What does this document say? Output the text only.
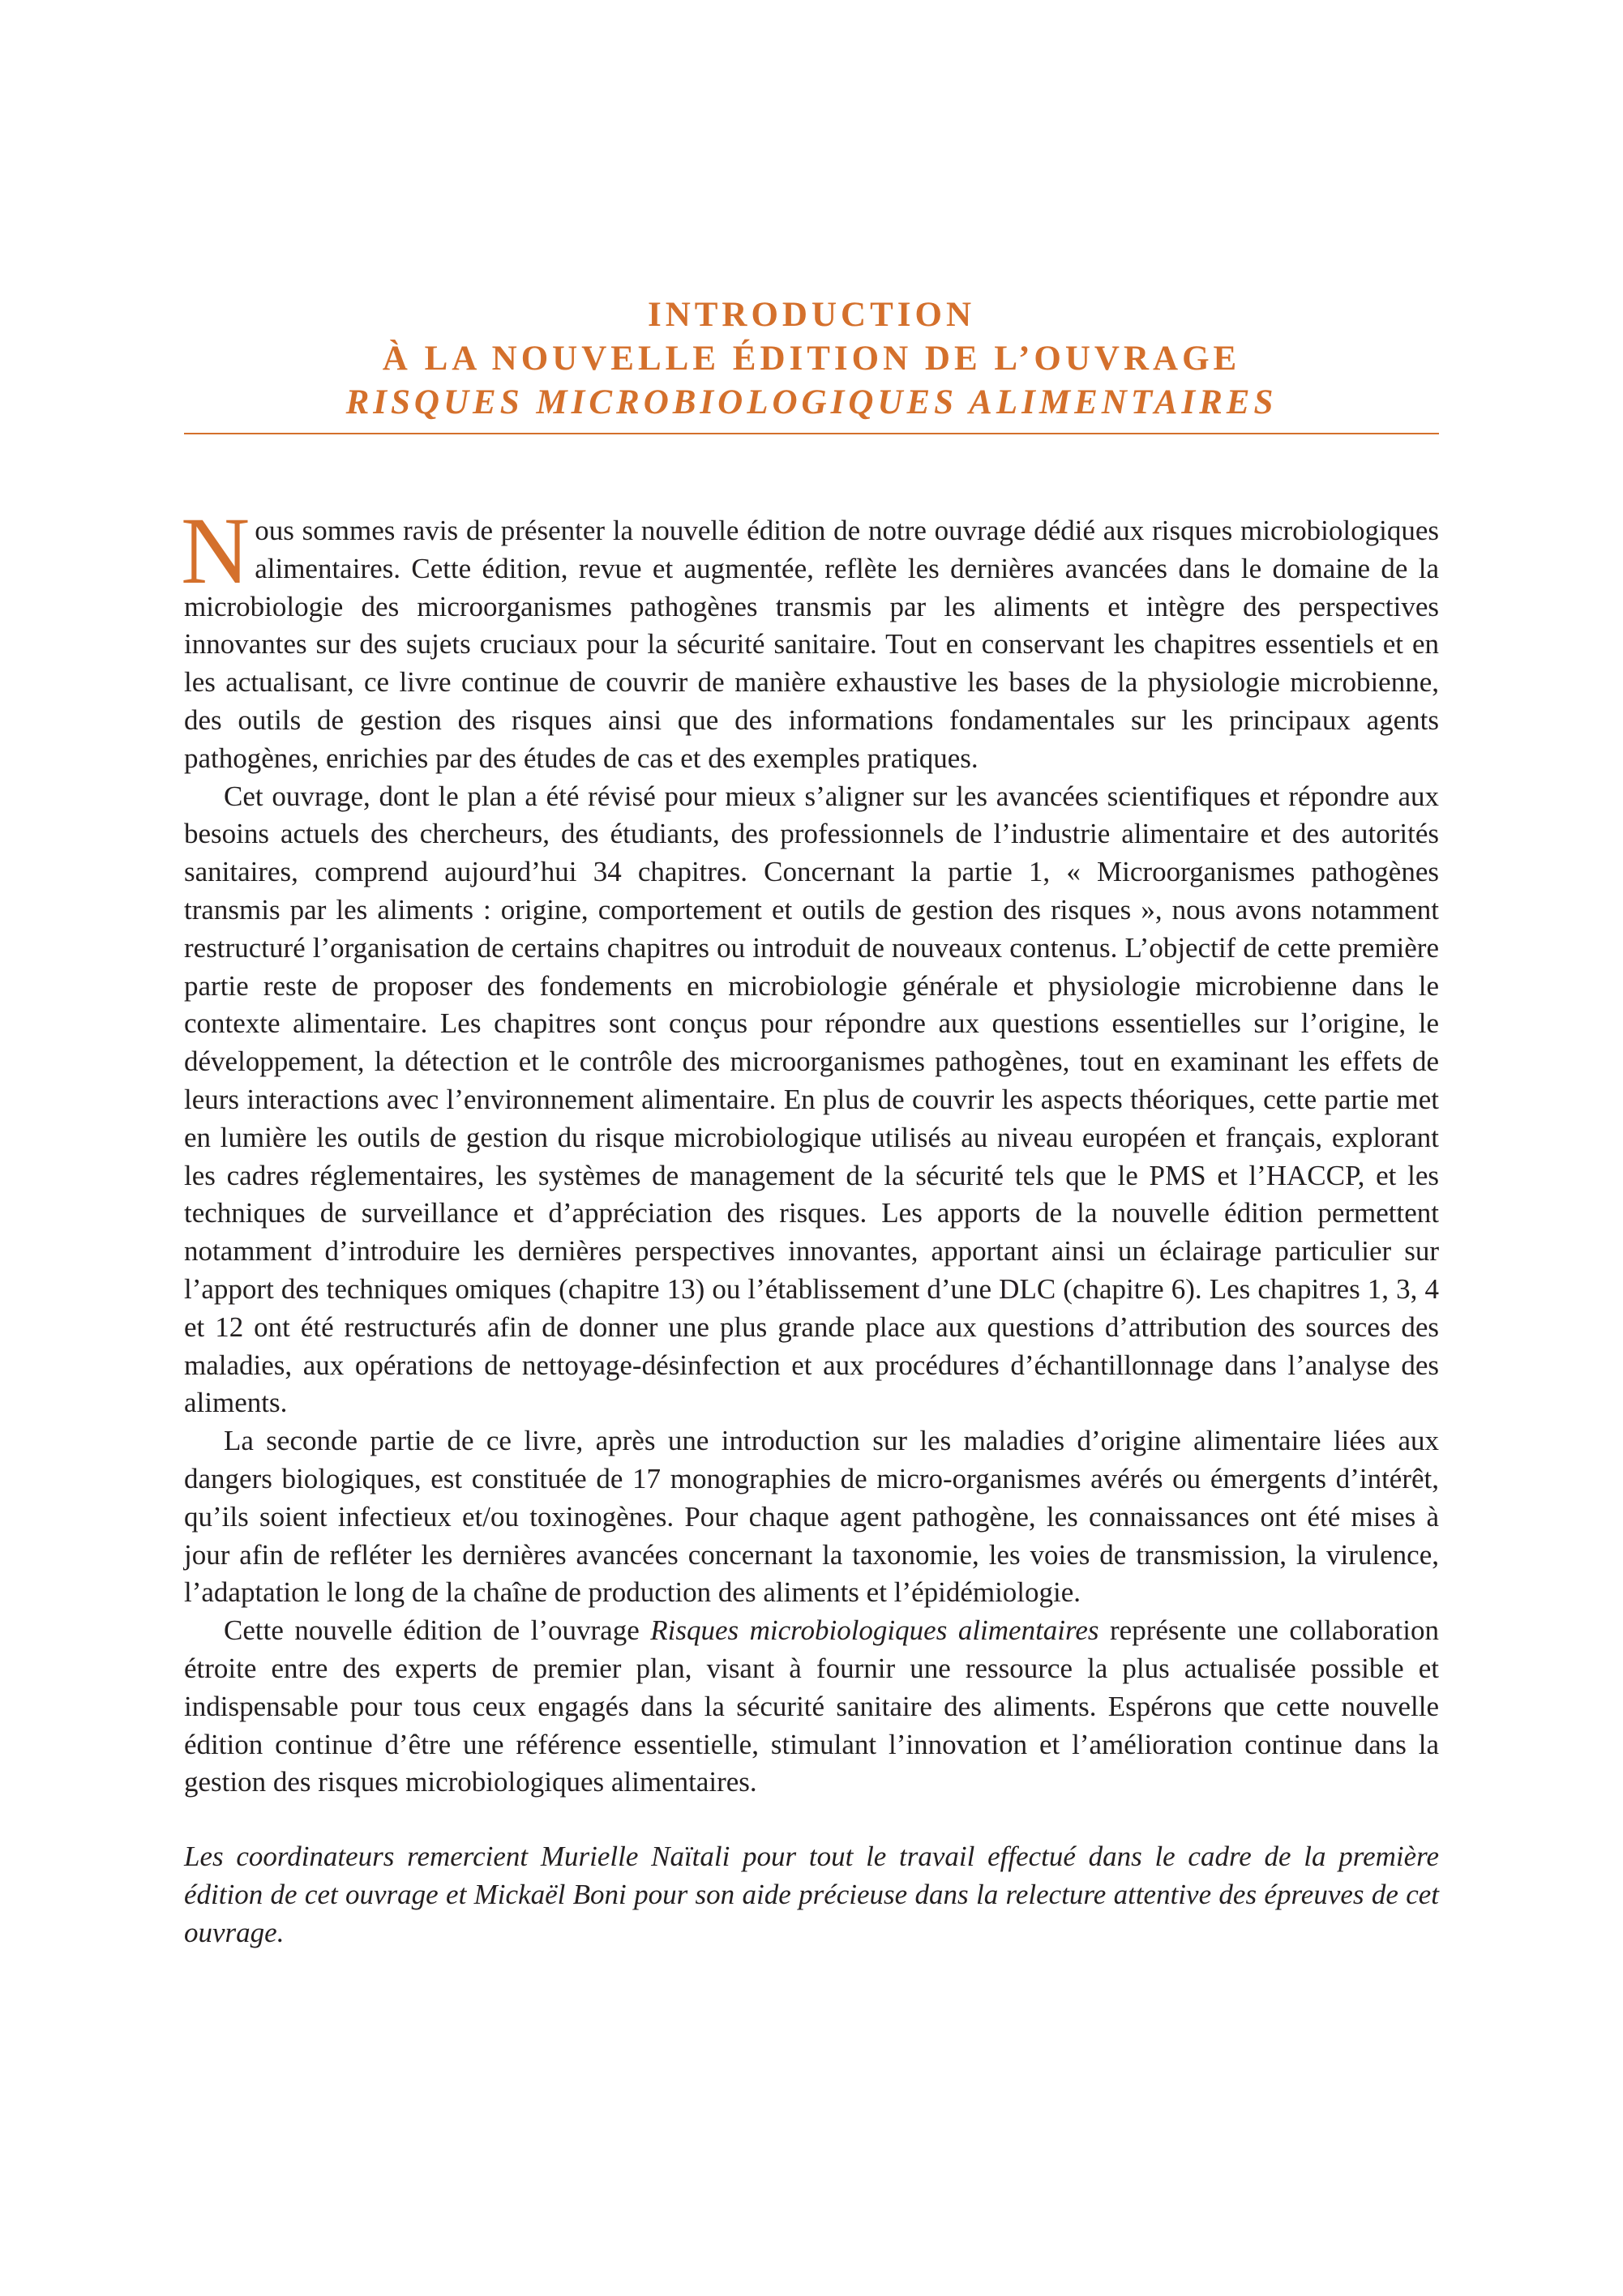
INTRODUCTION
À LA NOUVELLE ÉDITION DE L’OUVRAGE
RISQUES MICROBIOLOGIQUES ALIMENTAIRES

Nous sommes ravis de présenter la nouvelle édition de notre ouvrage dédié aux risques microbiologiques alimentaires. Cette édition, revue et augmentée, reflète les dernières avancées dans le domaine de la microbiologie des microorganismes pathogènes transmis par les aliments et intègre des perspectives innovantes sur des sujets cruciaux pour la sécurité sanitaire. Tout en conservant les chapitres essentiels et en les actualisant, ce livre continue de couvrir de manière exhaustive les bases de la physiologie microbienne, des outils de gestion des risques ainsi que des informations fondamentales sur les principaux agents pathogènes, enrichies par des études de cas et des exemples pratiques.

Cet ouvrage, dont le plan a été révisé pour mieux s’aligner sur les avancées scientifiques et répondre aux besoins actuels des chercheurs, des étudiants, des professionnels de l’industrie alimentaire et des autorités sanitaires, comprend aujourd’hui 34 chapitres. Concernant la partie 1, « Microorganismes pathogènes transmis par les aliments : origine, comportement et outils de gestion des risques », nous avons notamment restructuré l’organisation de certains chapitres ou introduit de nouveaux contenus. L’objectif de cette première partie reste de proposer des fondements en microbiologie générale et physiologie microbienne dans le contexte alimentaire. Les chapitres sont conçus pour répondre aux questions essentielles sur l’origine, le développement, la détection et le contrôle des microorganismes pathogènes, tout en examinant les effets de leurs interactions avec l’environnement alimentaire. En plus de couvrir les aspects théoriques, cette partie met en lumière les outils de gestion du risque microbiologique utilisés au niveau européen et français, explorant les cadres réglementaires, les systèmes de management de la sécurité tels que le PMS et l’HACCP, et les techniques de surveillance et d’appréciation des risques. Les apports de la nouvelle édition permettent notamment d’introduire les dernières perspectives innovantes, apportant ainsi un éclairage particulier sur l’apport des techniques omiques (chapitre 13) ou l’établissement d’une DLC (chapitre 6). Les chapitres 1, 3, 4 et 12 ont été restructurés afin de donner une plus grande place aux questions d’attribution des sources des maladies, aux opérations de nettoyage-désinfection et aux procédures d’échantillonnage dans l’analyse des aliments.

La seconde partie de ce livre, après une introduction sur les maladies d’origine alimentaire liées aux dangers biologiques, est constituée de 17 monographies de micro-organismes avérés ou émergents d’intérêt, qu’ils soient infectieux et/ou toxinogènes. Pour chaque agent pathogène, les connaissances ont été mises à jour afin de refléter les dernières avancées concernant la taxonomie, les voies de transmission, la virulence, l’adaptation le long de la chaîne de production des aliments et l’épidémiologie.

Cette nouvelle édition de l’ouvrage Risques microbiologiques alimentaires représente une collaboration étroite entre des experts de premier plan, visant à fournir une ressource la plus actualisée possible et indispensable pour tous ceux engagés dans la sécurité sanitaire des aliments. Espérons que cette nouvelle édition continue d’être une référence essentielle, stimulant l’innovation et l’amélioration continue dans la gestion des risques microbiologiques alimentaires.

Les coordinateurs remercient Murielle Naïtali pour tout le travail effectué dans le cadre de la première édition de cet ouvrage et Mickaël Boni pour son aide précieuse dans la relecture attentive des épreuves de cet ouvrage.
